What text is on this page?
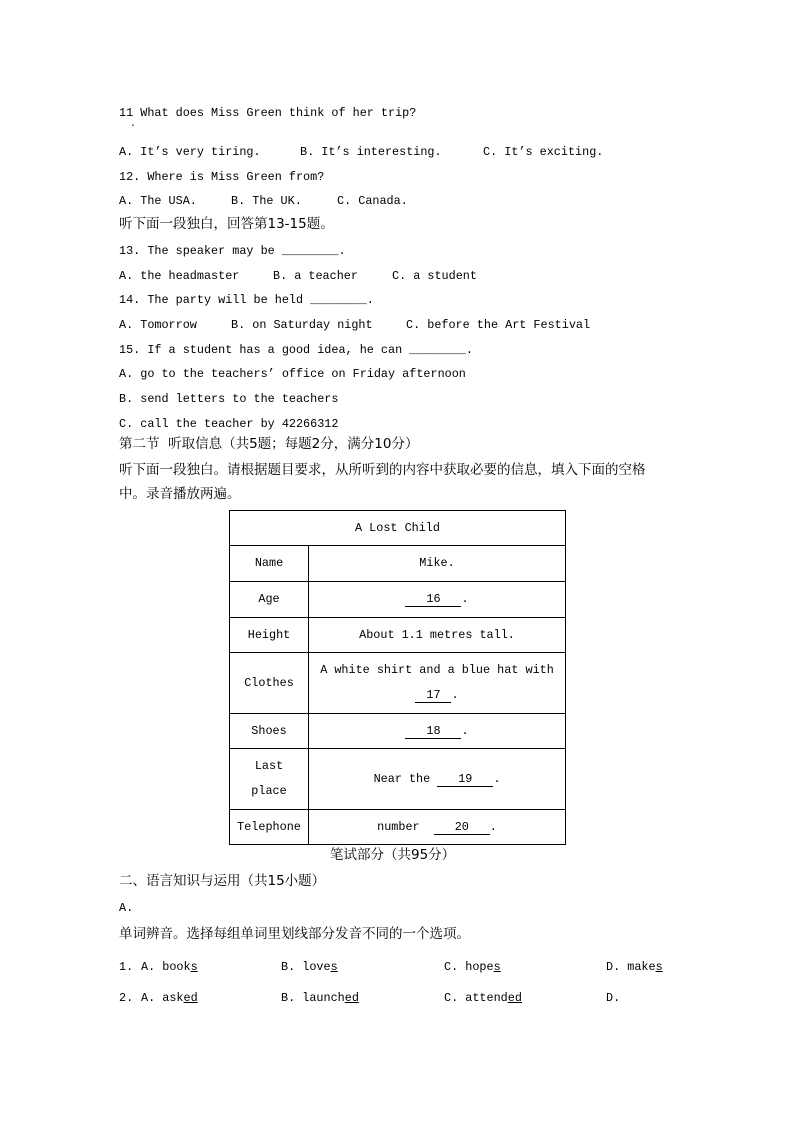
11 What does Miss Green think of her trip?
.
A. It’s very tiring.	B. It’s interesting.	C. It’s exciting.
12. Where is Miss Green from?
A. The USA.	B. The UK.	C. Canada.
听下面一段独白，回答第13-15题。
13. The speaker may be ________.
A. the headmaster	B. a teacher	C. a student
14. The party will be held ________.
A. Tomorrow	B. on Saturday night	C. before the Art Festival
15. If a student has a good idea, he can ________.
A. go to the teachers’ office on Friday afternoon
B. send letters to the teachers
C. call the teacher by 42266312
第二节  听取信息（共5题；每题2分，满分10分）
听下面一段独白。请根据题目要求，从所听到的内容中获取必要的信息，填入下面的空格
中。录音播放两遍。
A Lost Child	
Name	Mike.
Age	16 .
Height	About 1.1 metres tall.
Clothes	A white shirt and a blue hat with
17 .
Shoes	18 .
Last
place	Near the 19 .
Telephone	number 20 .
笔试部分（共95分）
二、语言知识与运用（共15小题）
A.
单词辨音。选择每组单词里划线部分发音不同的一个选项。
1. A. books	B. loves	C. hopes	D. makes
2. A. asked	B. launched	C. attended	D.
